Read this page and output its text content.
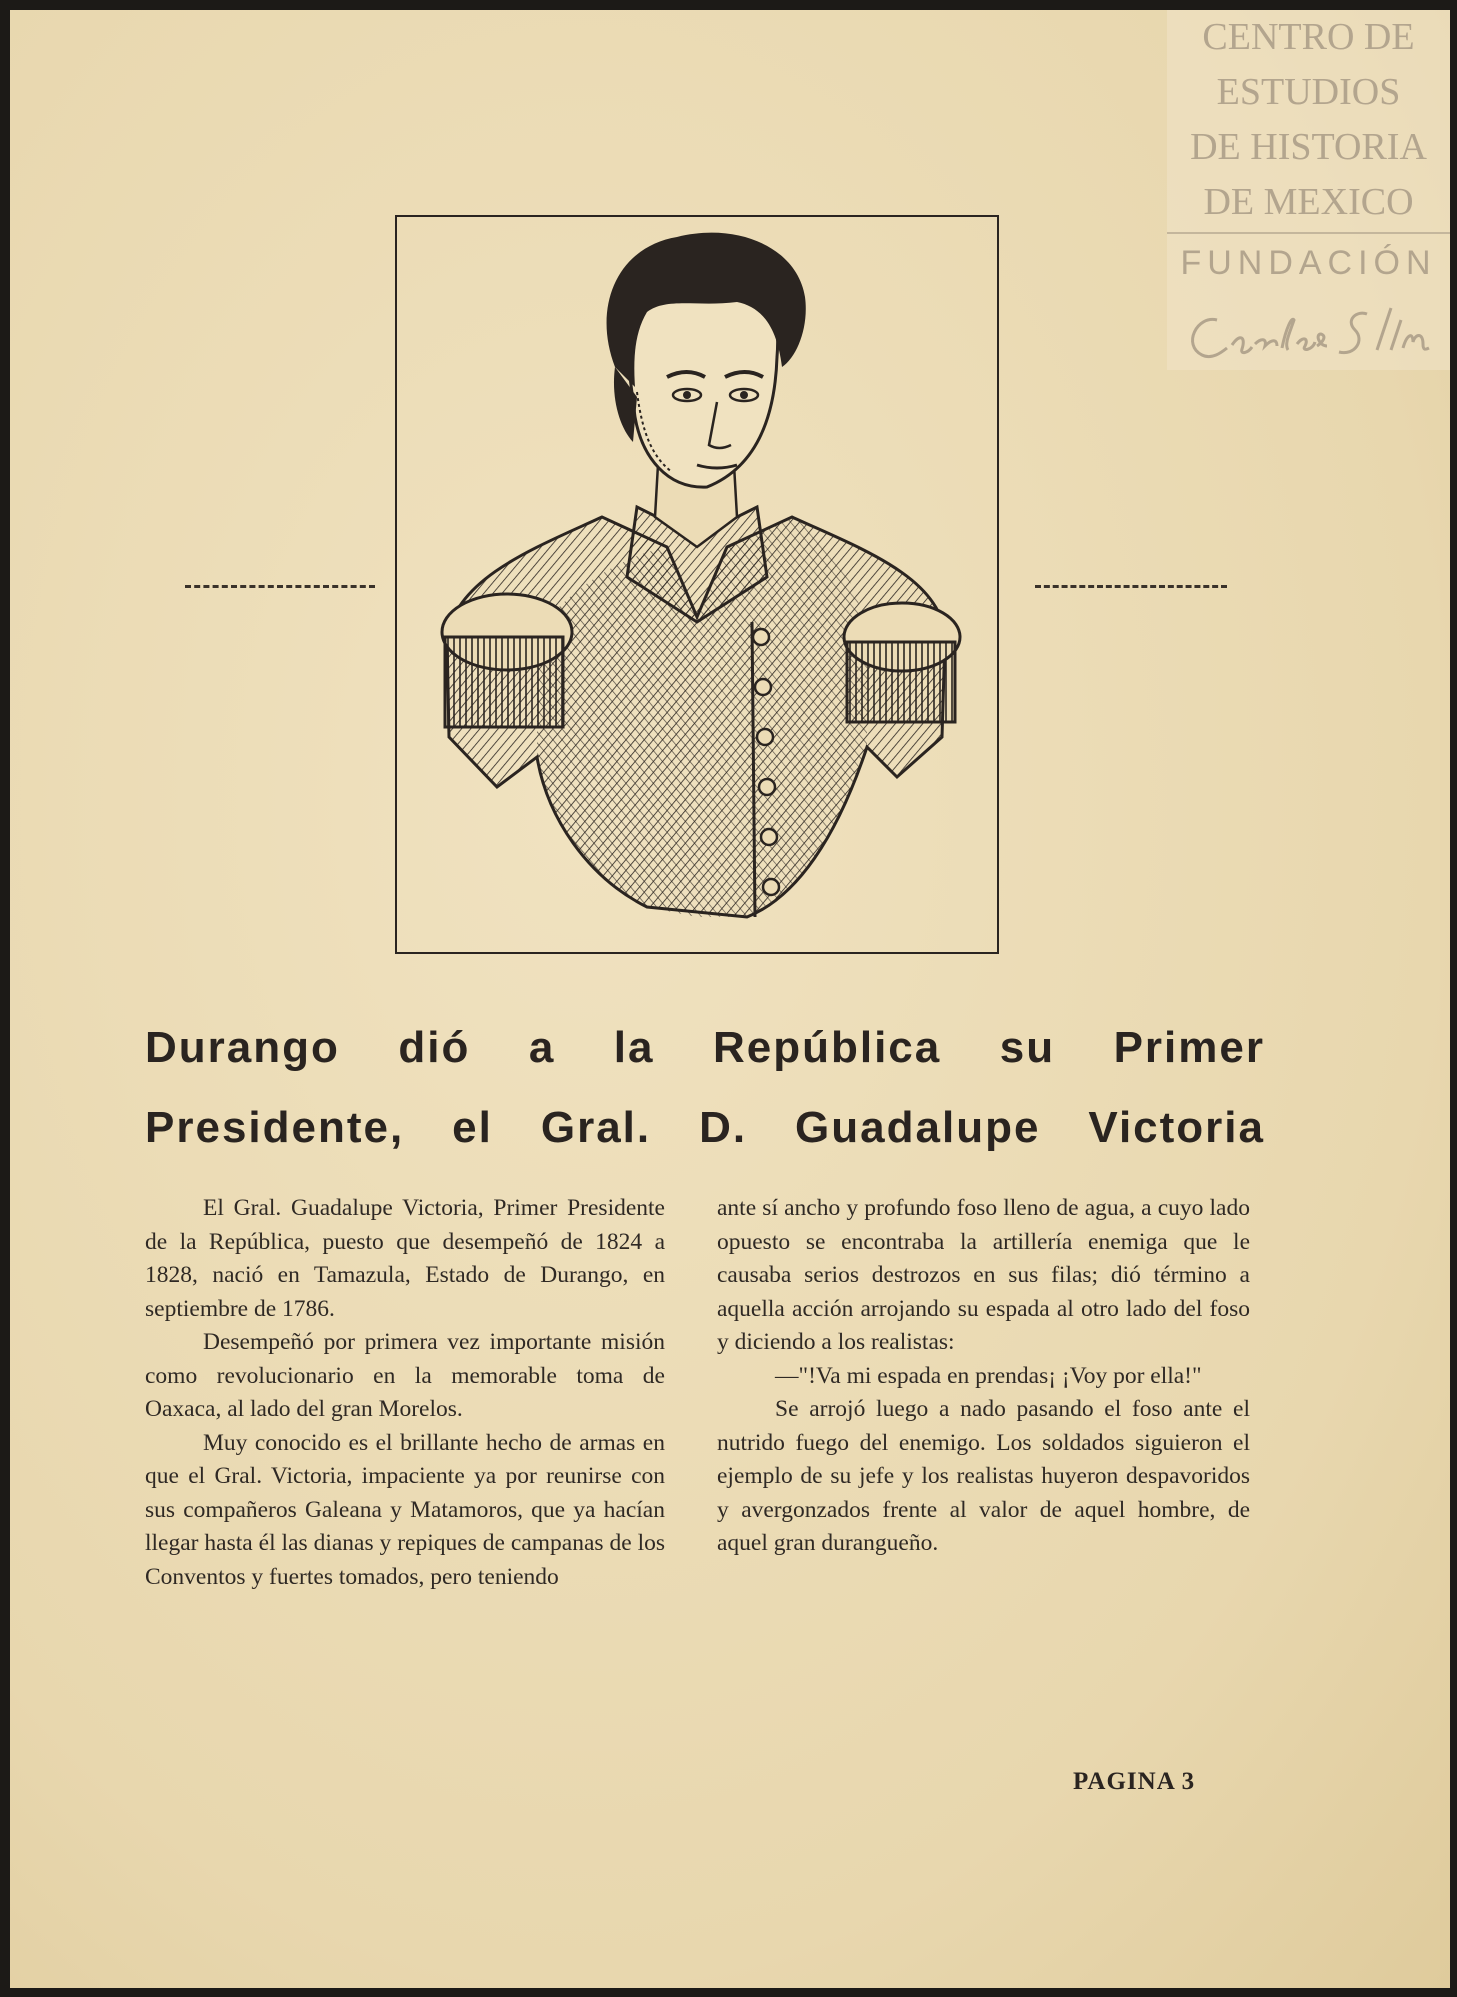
CENTRO DE
ESTUDIOS
DE HISTORIA
DE MEXICO
FUNDACIÓN
Durango dió a la República su Primer
Presidente, el Gral. D. Guadalupe Victoria

El Gral. Guadalupe Victoria, Primer Presidente de la República, puesto que desempeñó de 1824 a 1828, nació en Tamazula, Estado de Durango, en septiembre de 1786.

Desempeñó por primera vez importante misión como revolucionario en la memorable toma de Oaxaca, al lado del gran Morelos.

Muy conocido es el brillante hecho de armas en que el Gral. Victoria, impaciente ya por reunirse con sus compañeros Galeana y Matamoros, que ya hacían llegar hasta él las dianas y repiques de campanas de los Conventos y fuertes tomados, pero teniendo

ante sí ancho y profundo foso lleno de agua, a cuyo lado opuesto se encontraba la artillería enemiga que le causaba serios destrozos en sus filas; dió término a aquella acción arrojando su espada al otro lado del foso y diciendo a los realistas:

—"!Va mi espada en prendas¡ ¡Voy por ella!"

Se arrojó luego a nado pasando el foso ante el nutrido fuego del enemigo. Los soldados siguieron el ejemplo de su jefe y los realistas huyeron despavoridos y avergonzados frente al valor de aquel hombre, de aquel gran duranguеño.

PAGINA 3
